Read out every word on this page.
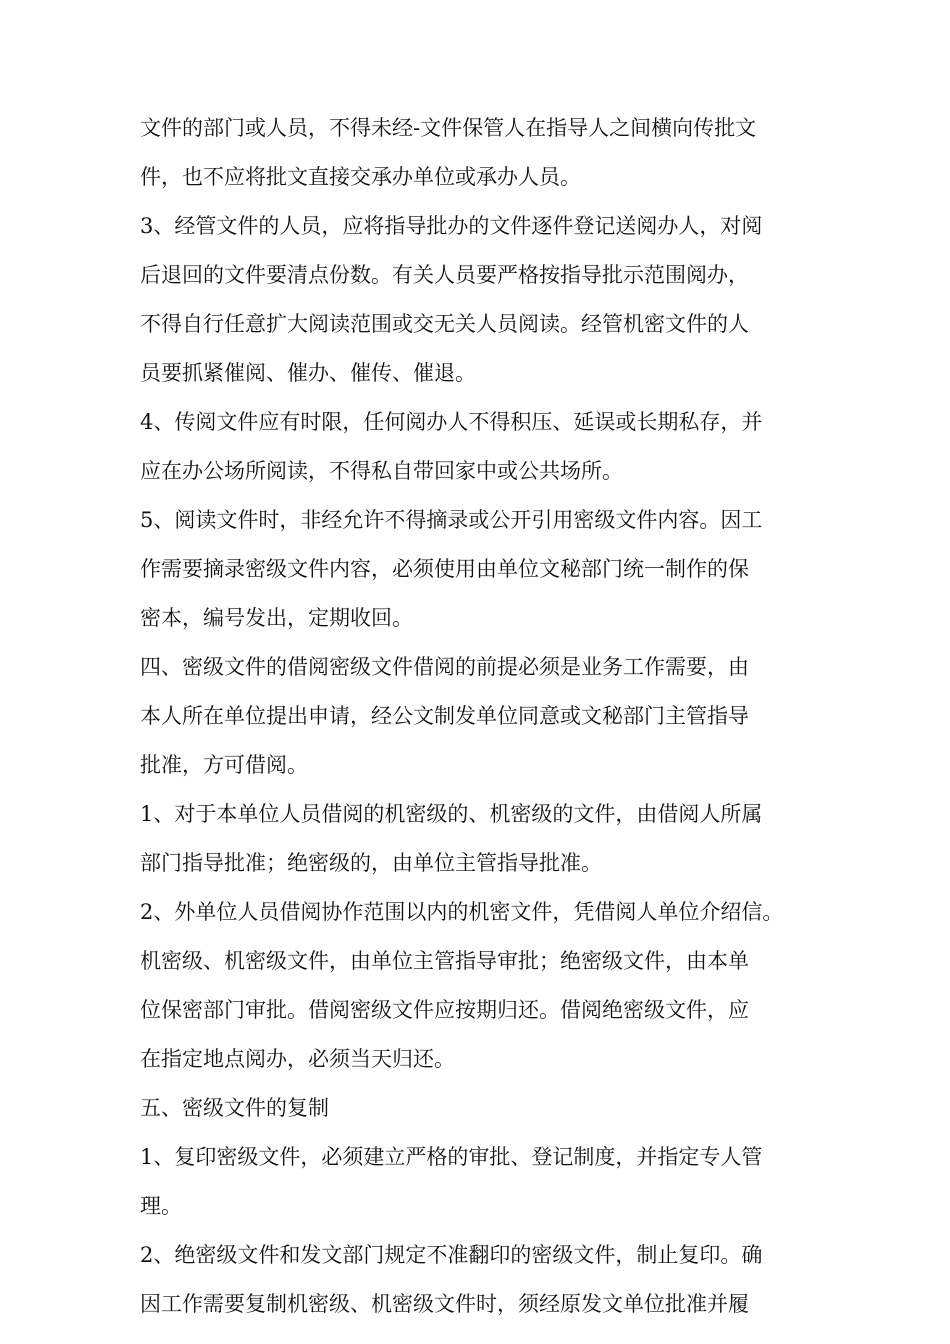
文件的部门或人员，不得未经-文件保管人在指导人之间横向传批文

件，也不应将批文直接交承办单位或承办人员。

3、经管文件的人员，应将指导批办的文件逐件登记送阅办人，对阅

后退回的文件要清点份数。有关人员要严格按指导批示范围阅办，

不得自行任意扩大阅读范围或交无关人员阅读。经管机密文件的人

员要抓紧催阅、催办、催传、催退。

4、传阅文件应有时限，任何阅办人不得积压、延误或长期私存，并

应在办公场所阅读，不得私自带回家中或公共场所。

5、阅读文件时，非经允许不得摘录或公开引用密级文件内容。因工

作需要摘录密级文件内容，必须使用由单位文秘部门统一制作的保

密本，编号发出，定期收回。

四、密级文件的借阅密级文件借阅的前提必须是业务工作需要，由

本人所在单位提出申请，经公文制发单位同意或文秘部门主管指导

批准，方可借阅。

1、对于本单位人员借阅的机密级的、机密级的文件，由借阅人所属

部门指导批准；绝密级的，由单位主管指导批准。

2、外单位人员借阅协作范围以内的机密文件，凭借阅人单位介绍信。

机密级、机密级文件，由单位主管指导审批；绝密级文件，由本单

位保密部门审批。借阅密级文件应按期归还。借阅绝密级文件，应

在指定地点阅办，必须当天归还。

五、密级文件的复制

1、复印密级文件，必须建立严格的审批、登记制度，并指定专人管

理。

2、绝密级文件和发文部门规定不准翻印的密级文件，制止复印。确

因工作需要复制机密级、机密级文件时，须经原发文单位批准并履
